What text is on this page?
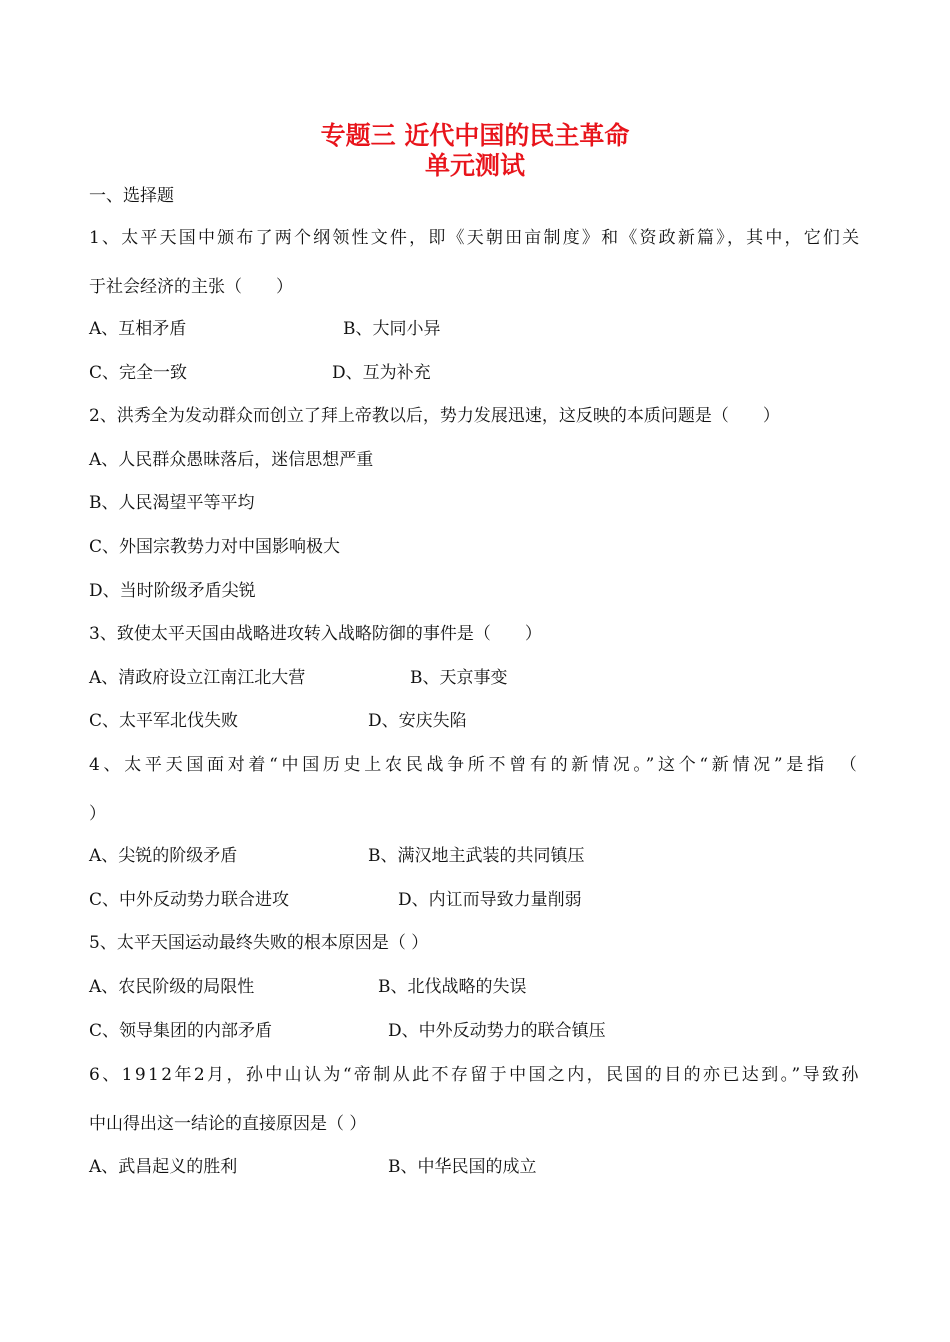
专题三 近代中国的民主革命
单元测试
一、选择题
1、太平天国中颁布了两个纲领性文件，即《天朝田亩制度》和《资政新篇》，其中，它们关
于社会经济的主张（　　）
A、互相矛盾	B、大同小异
C、完全一致	D、互为补充
2、洪秀全为发动群众而创立了拜上帝教以后，势力发展迅速，这反映的本质问题是（　　）
A、人民群众愚昧落后，迷信思想严重
B、人民渴望平等平均
C、外国宗教势力对中国影响极大
D、当时阶级矛盾尖锐
3、致使太平天国由战略进攻转入战略防御的事件是（　　）
A、清政府设立江南江北大营	B、天京事变
C、太平军北伐失败	D、安庆失陷
4、太平天国面对着“中国历史上农民战争所不曾有的新情况。”这个“新情况”是指　（
）
A、尖锐的阶级矛盾	B、满汉地主武装的共同镇压
C、中外反动势力联合进攻	D、内讧而导致力量削弱
5、太平天国运动最终失败的根本原因是（ ）
A、农民阶级的局限性	B、北伐战略的失误
C、领导集团的内部矛盾	D、中外反动势力的联合镇压
6、1912年2月，孙中山认为“帝制从此不存留于中国之内，民国的目的亦已达到。”导致孙
中山得出这一结论的直接原因是（ ）
A、武昌起义的胜利	B、中华民国的成立
